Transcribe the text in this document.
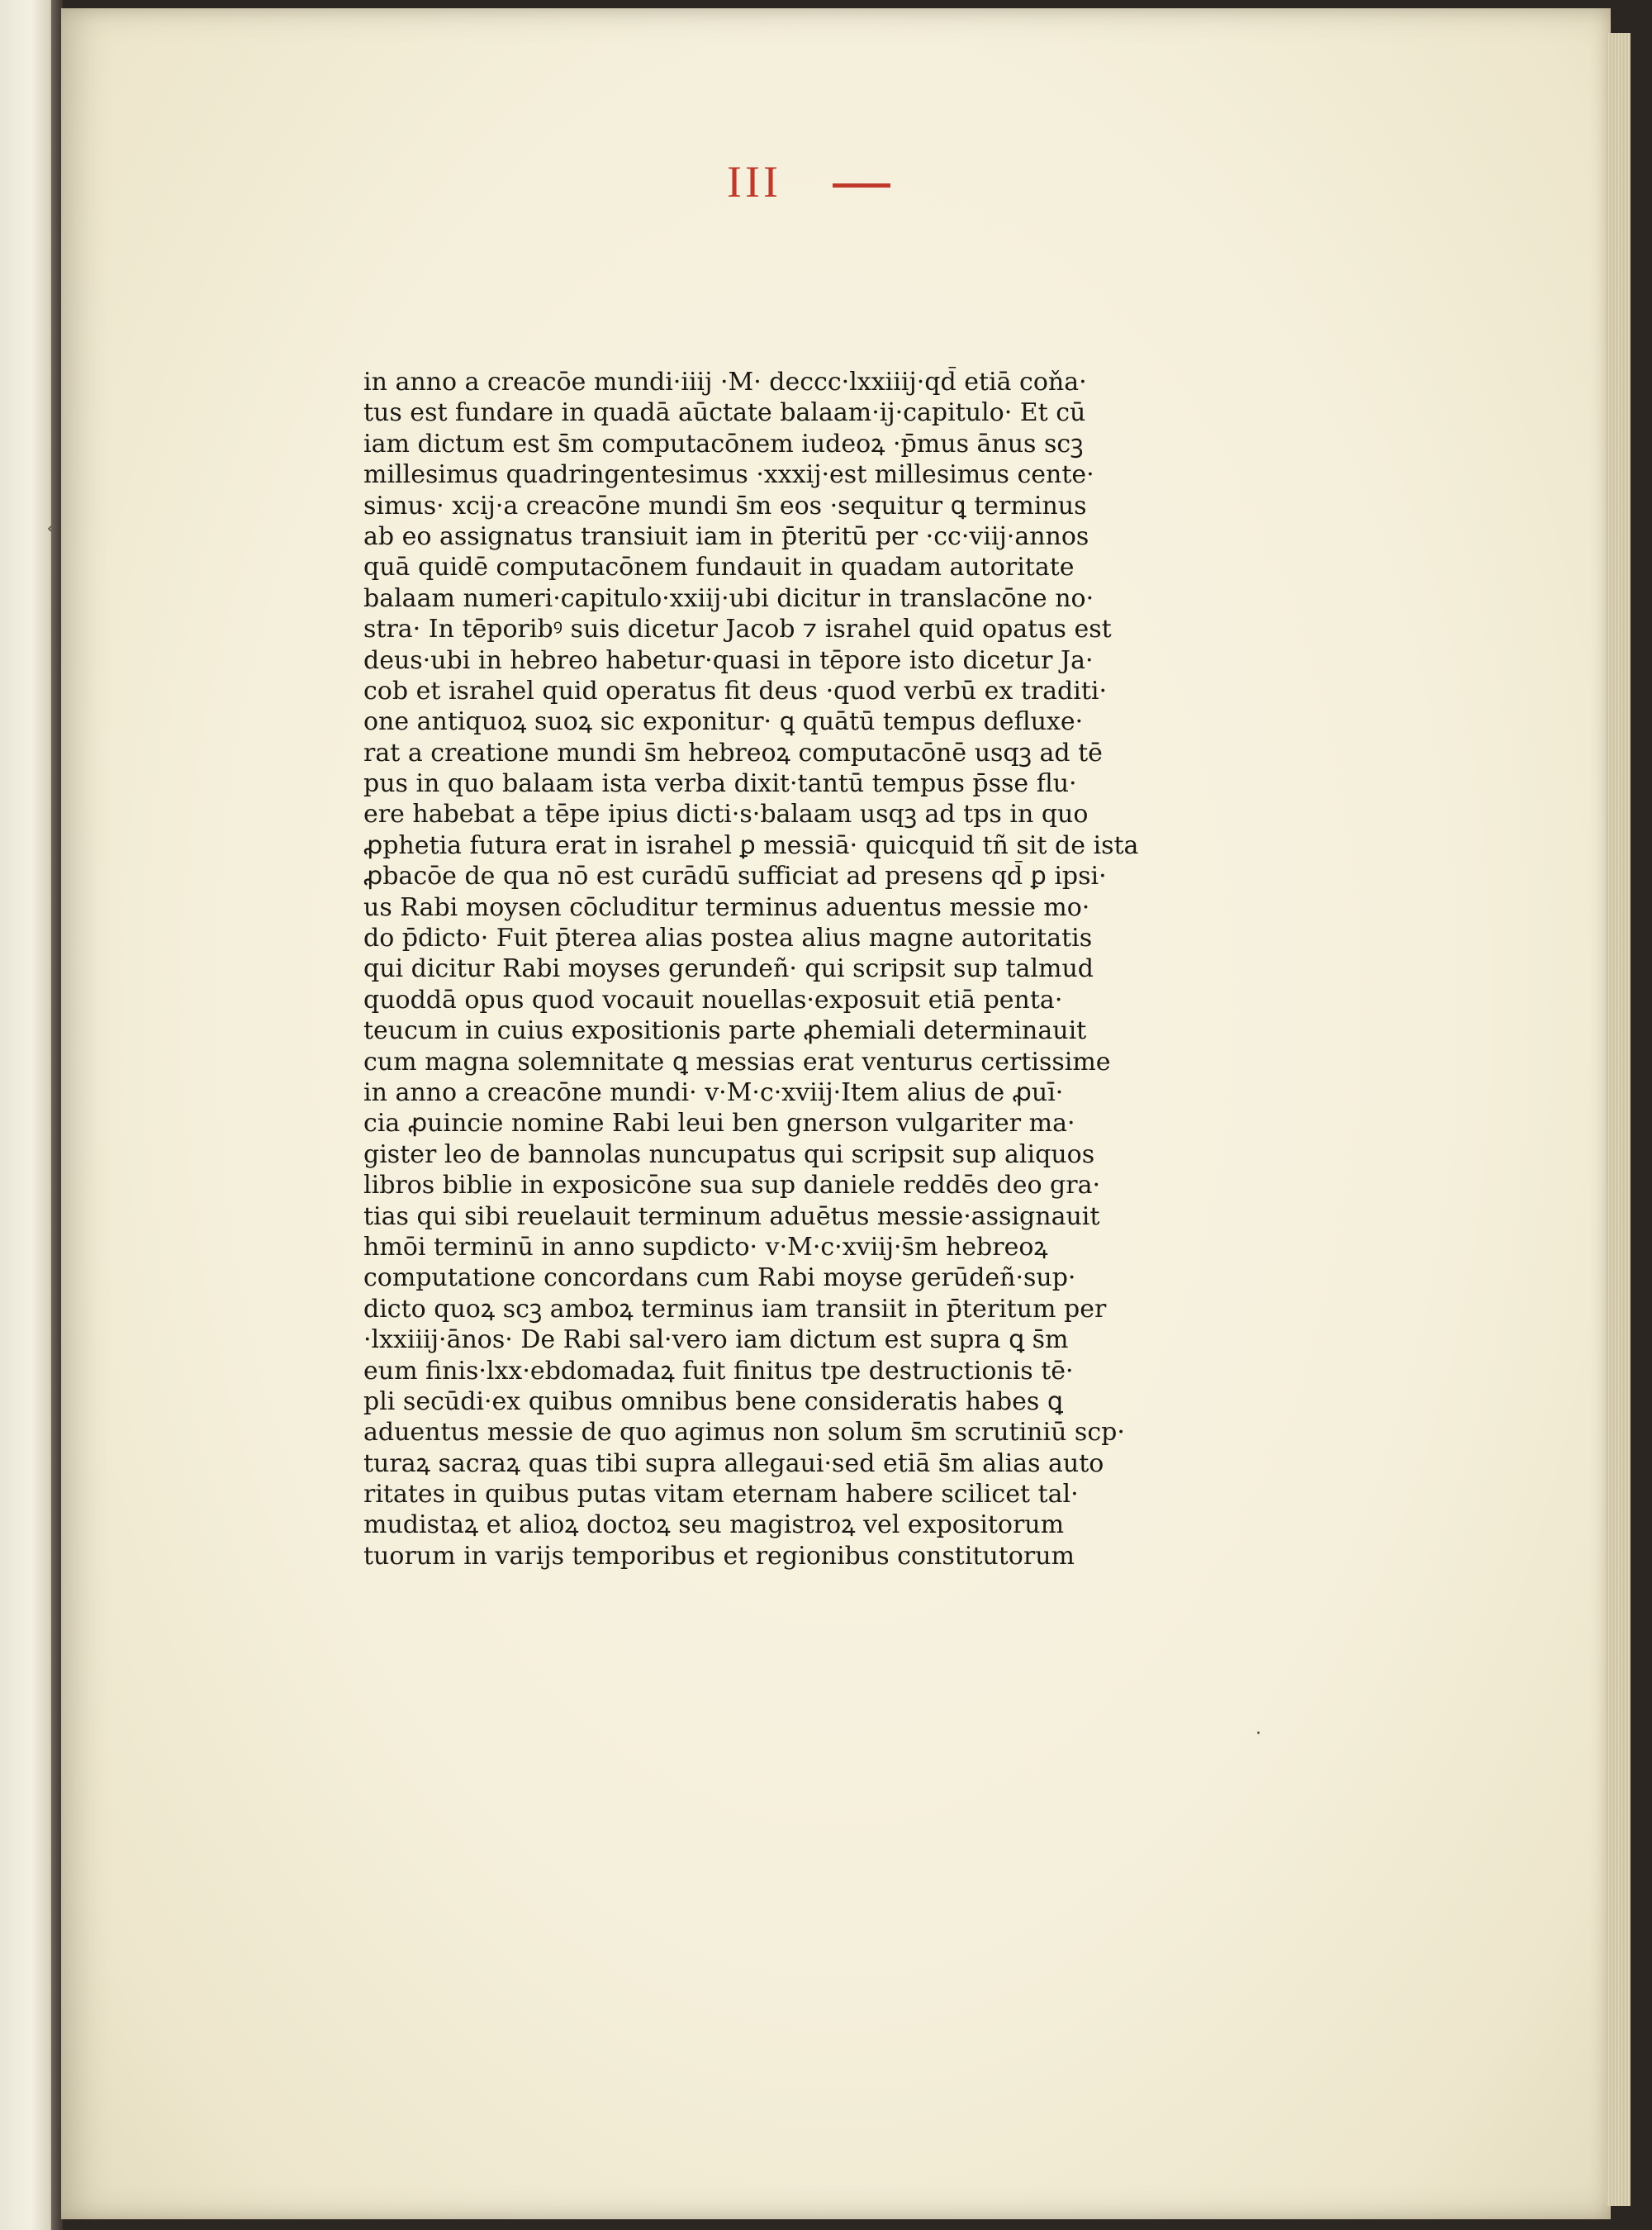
III
‹
·
in anno a creacōe mundi·iiij ·M· deccc·lxxiiij·qd̄ etiā coňa·
tus est fundare in quadā aūctate balaam·ij·capitulo· Et cū
iam dictum est s̄m computacōnem iudeoꝝ ·p̄mus ānus scꝫ
millesimus quadringentesimus ·xxxij·est millesimus cente·
simus· xcij·a creacōne mundi s̄m eos ·sequitur ꝗ terminus
ab eo assignatus transiuit iam in p̄teritū per ·cc·viij·annos
quā quidē computacōnem fundauit in quadam autoritate
balaam numeri·capitulo·xxiij·ubi dicitur in translacōne no·
stra· In tēporibꝰ suis dicetur Jacob ⁊ israhel quid opatus est
deus·ubi in hebreo habetur·quasi in tēpore isto dicetur Ja·
cob et israhel quid operatus fit deus ·quod verbū ex traditi·
one antiquoꝝ suoꝝ sic exponitur· ꝗ quātū tempus defluxe·
rat a creatione mundi s̄m hebreoꝝ computacōnē usqꝫ ad tē
pus in quo balaam ista verba dixit·tantū tempus p̄sse flu·
ere habebat a tēpe ipius dicti·s·balaam usqꝫ ad tps in quo
ꝓphetia futura erat in israhel ꝑ messiā· quicquid tñ sit de ista
ꝓbacōe de qua nō est curādū sufficiat ad presens qd̄ ꝑ ipsi·
us Rabi moysen cōcluditur terminus aduentus messie mo·
do p̄dicto· Fuit p̄terea alias postea alius magne autoritatis
qui dicitur Rabi moyses gerundeñ· qui scripsit sup talmud
quoddā opus quod vocauit nouellas·exposuit etiā penta·
teucum in cuius expositionis parte ꝓhemiali determinauit
cum magna solemnitate ꝗ messias erat venturus certissime
in anno a creacōne mundi· v·M·c·xviij·Item alius de ꝓuī·
cia ꝓuincie nomine Rabi leui ben gnerson vulgariter ma·
gister leo de bannolas nuncupatus qui scripsit sup aliquos
libros biblie in exposicōne sua sup daniele reddēs deo gra·
tias qui sibi reuelauit terminum aduētus messie·assignauit
hmōi terminū in anno supdicto· v·M·c·xviij·s̄m hebreoꝝ
computatione concordans cum Rabi moyse gerūdeñ·sup·
dicto quoꝝ scꝫ amboꝝ terminus iam transiit in p̄teritum per
·lxxiiij·ānos· De Rabi sal·vero iam dictum est supra ꝗ s̄m
eum finis·lxx·ebdomadaꝝ fuit finitus tpe destructionis tē·
pli secūdi·ex quibus omnibus bene consideratis habes ꝗ
aduentus messie de quo agimus non solum s̄m scrutiniū scp·
turaꝝ sacraꝝ quas tibi supra allegaui·sed etiā s̄m alias auto
ritates in quibus putas vitam eternam habere scilicet tal·
mudistaꝝ et alioꝝ doctoꝝ seu magistroꝝ vel expositorum
tuorum in varijs temporibus et regionibus constitutorum
